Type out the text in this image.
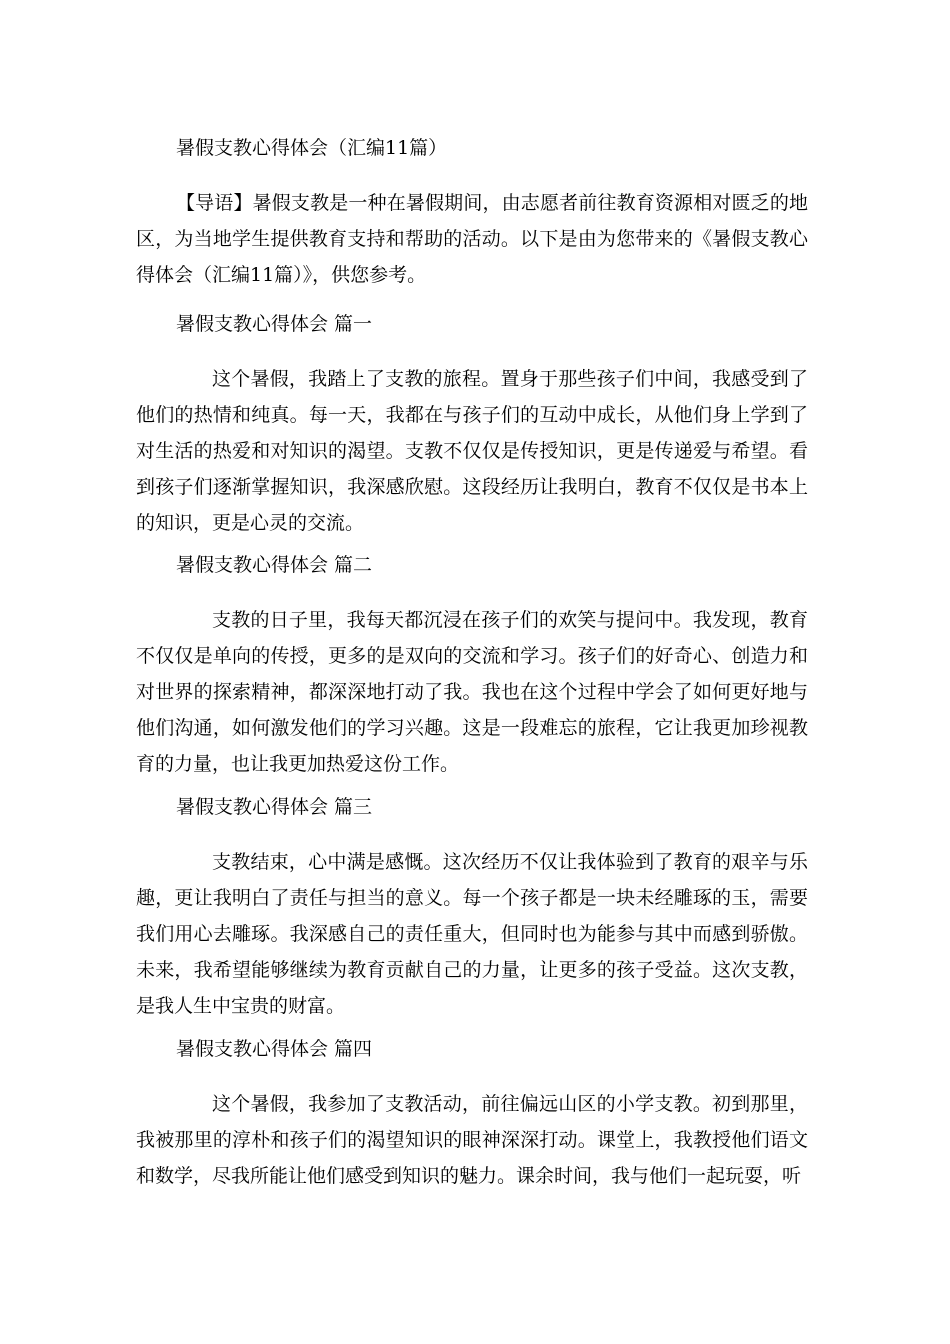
暑假支教心得体会（汇编11篇）

【导语】暑假支教是一种在暑假期间，由志愿者前往教育资源相对匮乏的地区，为当地学生提供教育支持和帮助的活动。以下是由为您带来的《暑假支教心得体会（汇编11篇）》，供您参考。

暑假支教心得体会 篇一

这个暑假，我踏上了支教的旅程。置身于那些孩子们中间，我感受到了他们的热情和纯真。每一天，我都在与孩子们的互动中成长，从他们身上学到了对生活的热爱和对知识的渴望。支教不仅仅是传授知识，更是传递爱与希望。看到孩子们逐渐掌握知识，我深感欣慰。这段经历让我明白，教育不仅仅是书本上的知识，更是心灵的交流。

暑假支教心得体会 篇二

支教的日子里，我每天都沉浸在孩子们的欢笑与提问中。我发现，教育不仅仅是单向的传授，更多的是双向的交流和学习。孩子们的好奇心、创造力和对世界的探索精神，都深深地打动了我。我也在这个过程中学会了如何更好地与他们沟通，如何激发他们的学习兴趣。这是一段难忘的旅程，它让我更加珍视教育的力量，也让我更加热爱这份工作。

暑假支教心得体会 篇三

支教结束，心中满是感慨。这次经历不仅让我体验到了教育的艰辛与乐趣，更让我明白了责任与担当的意义。每一个孩子都是一块未经雕琢的玉，需要我们用心去雕琢。我深感自己的责任重大，但同时也为能参与其中而感到骄傲。未来，我希望能够继续为教育贡献自己的力量，让更多的孩子受益。这次支教，是我人生中宝贵的财富。

暑假支教心得体会 篇四

这个暑假，我参加了支教活动，前往偏远山区的小学支教。初到那里，我被那里的淳朴和孩子们的渴望知识的眼神深深打动。课堂上，我教授他们语文和数学，尽我所能让他们感受到知识的魅力。课余时间，我与他们一起玩耍，听
